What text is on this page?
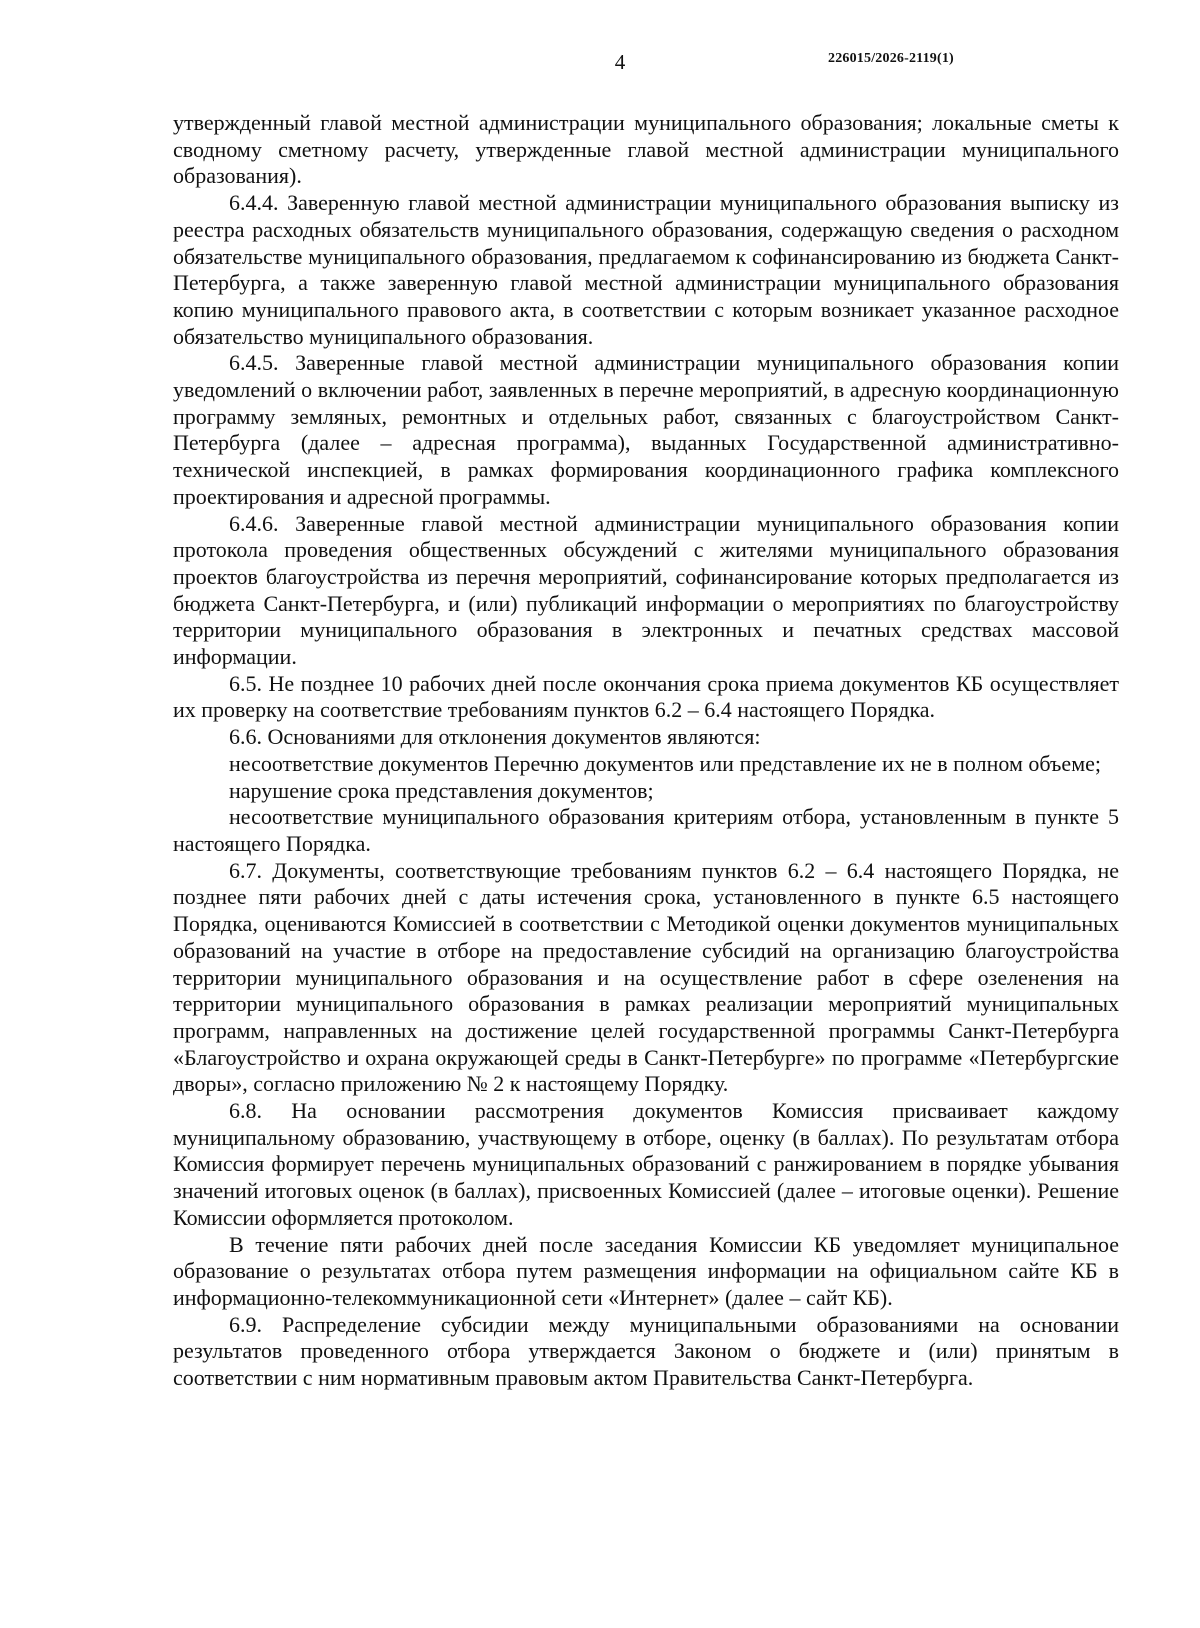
4	226015/2026-2119(1)

утвержденный главой местной администрации муниципального образования; локальные сметы к сводному сметному расчету, утвержденные главой местной администрации муниципального образования).

6.4.4. Заверенную главой местной администрации муниципального образования выписку из реестра расходных обязательств муниципального образования, содержащую сведения о расходном обязательстве муниципального образования, предлагаемом к софинансированию из бюджета Санкт-Петербурга, а также заверенную главой местной администрации муниципального образования копию муниципального правового акта, в соответствии с которым возникает указанное расходное обязательство муниципального образования.

6.4.5. Заверенные главой местной администрации муниципального образования копии уведомлений о включении работ, заявленных в перечне мероприятий, в адресную координационную программу земляных, ремонтных и отдельных работ, связанных с благоустройством Санкт-Петербурга (далее – адресная программа), выданных Государственной административно-технической инспекцией, в рамках формирования координационного графика комплексного проектирования и адресной программы.

6.4.6. Заверенные главой местной администрации муниципального образования копии протокола проведения общественных обсуждений с жителями муниципального образования проектов благоустройства из перечня мероприятий, софинансирование которых предполагается из бюджета Санкт-Петербурга, и (или) публикаций информации о мероприятиях по благоустройству территории муниципального образования в электронных и печатных средствах массовой информации.

6.5. Не позднее 10 рабочих дней после окончания срока приема документов КБ осуществляет их проверку на соответствие требованиям пунктов 6.2 – 6.4 настоящего Порядка.

6.6. Основаниями для отклонения документов являются:

несоответствие документов Перечню документов или представление их не в полном объеме;

нарушение срока представления документов;

несоответствие муниципального образования критериям отбора, установленным в пункте 5 настоящего Порядка.

6.7. Документы, соответствующие требованиям пунктов 6.2 – 6.4 настоящего Порядка, не позднее пяти рабочих дней с даты истечения срока, установленного в пункте 6.5 настоящего Порядка, оцениваются Комиссией в соответствии с Методикой оценки документов муниципальных образований на участие в отборе на предоставление субсидий на организацию благоустройства территории муниципального образования и на осуществление работ в сфере озеленения на территории муниципального образования в рамках реализации мероприятий муниципальных программ, направленных на достижение целей государственной программы Санкт-Петербурга «Благоустройство и охрана окружающей среды в Санкт-Петербурге» по программе «Петербургские дворы», согласно приложению № 2 к настоящему Порядку.

6.8. На основании рассмотрения документов Комиссия присваивает каждому муниципальному образованию, участвующему в отборе, оценку (в баллах). По результатам отбора Комиссия формирует перечень муниципальных образований с ранжированием в порядке убывания значений итоговых оценок (в баллах), присвоенных Комиссией (далее – итоговые оценки). Решение Комиссии оформляется протоколом.

В течение пяти рабочих дней после заседания Комиссии КБ уведомляет муниципальное образование о результатах отбора путем размещения информации на официальном сайте КБ в информационно-телекоммуникационной сети «Интернет» (далее – сайт КБ).

6.9. Распределение субсидии между муниципальными образованиями на основании результатов проведенного отбора утверждается Законом о бюджете и (или) принятым в соответствии с ним нормативным правовым актом Правительства Санкт-Петербурга.
